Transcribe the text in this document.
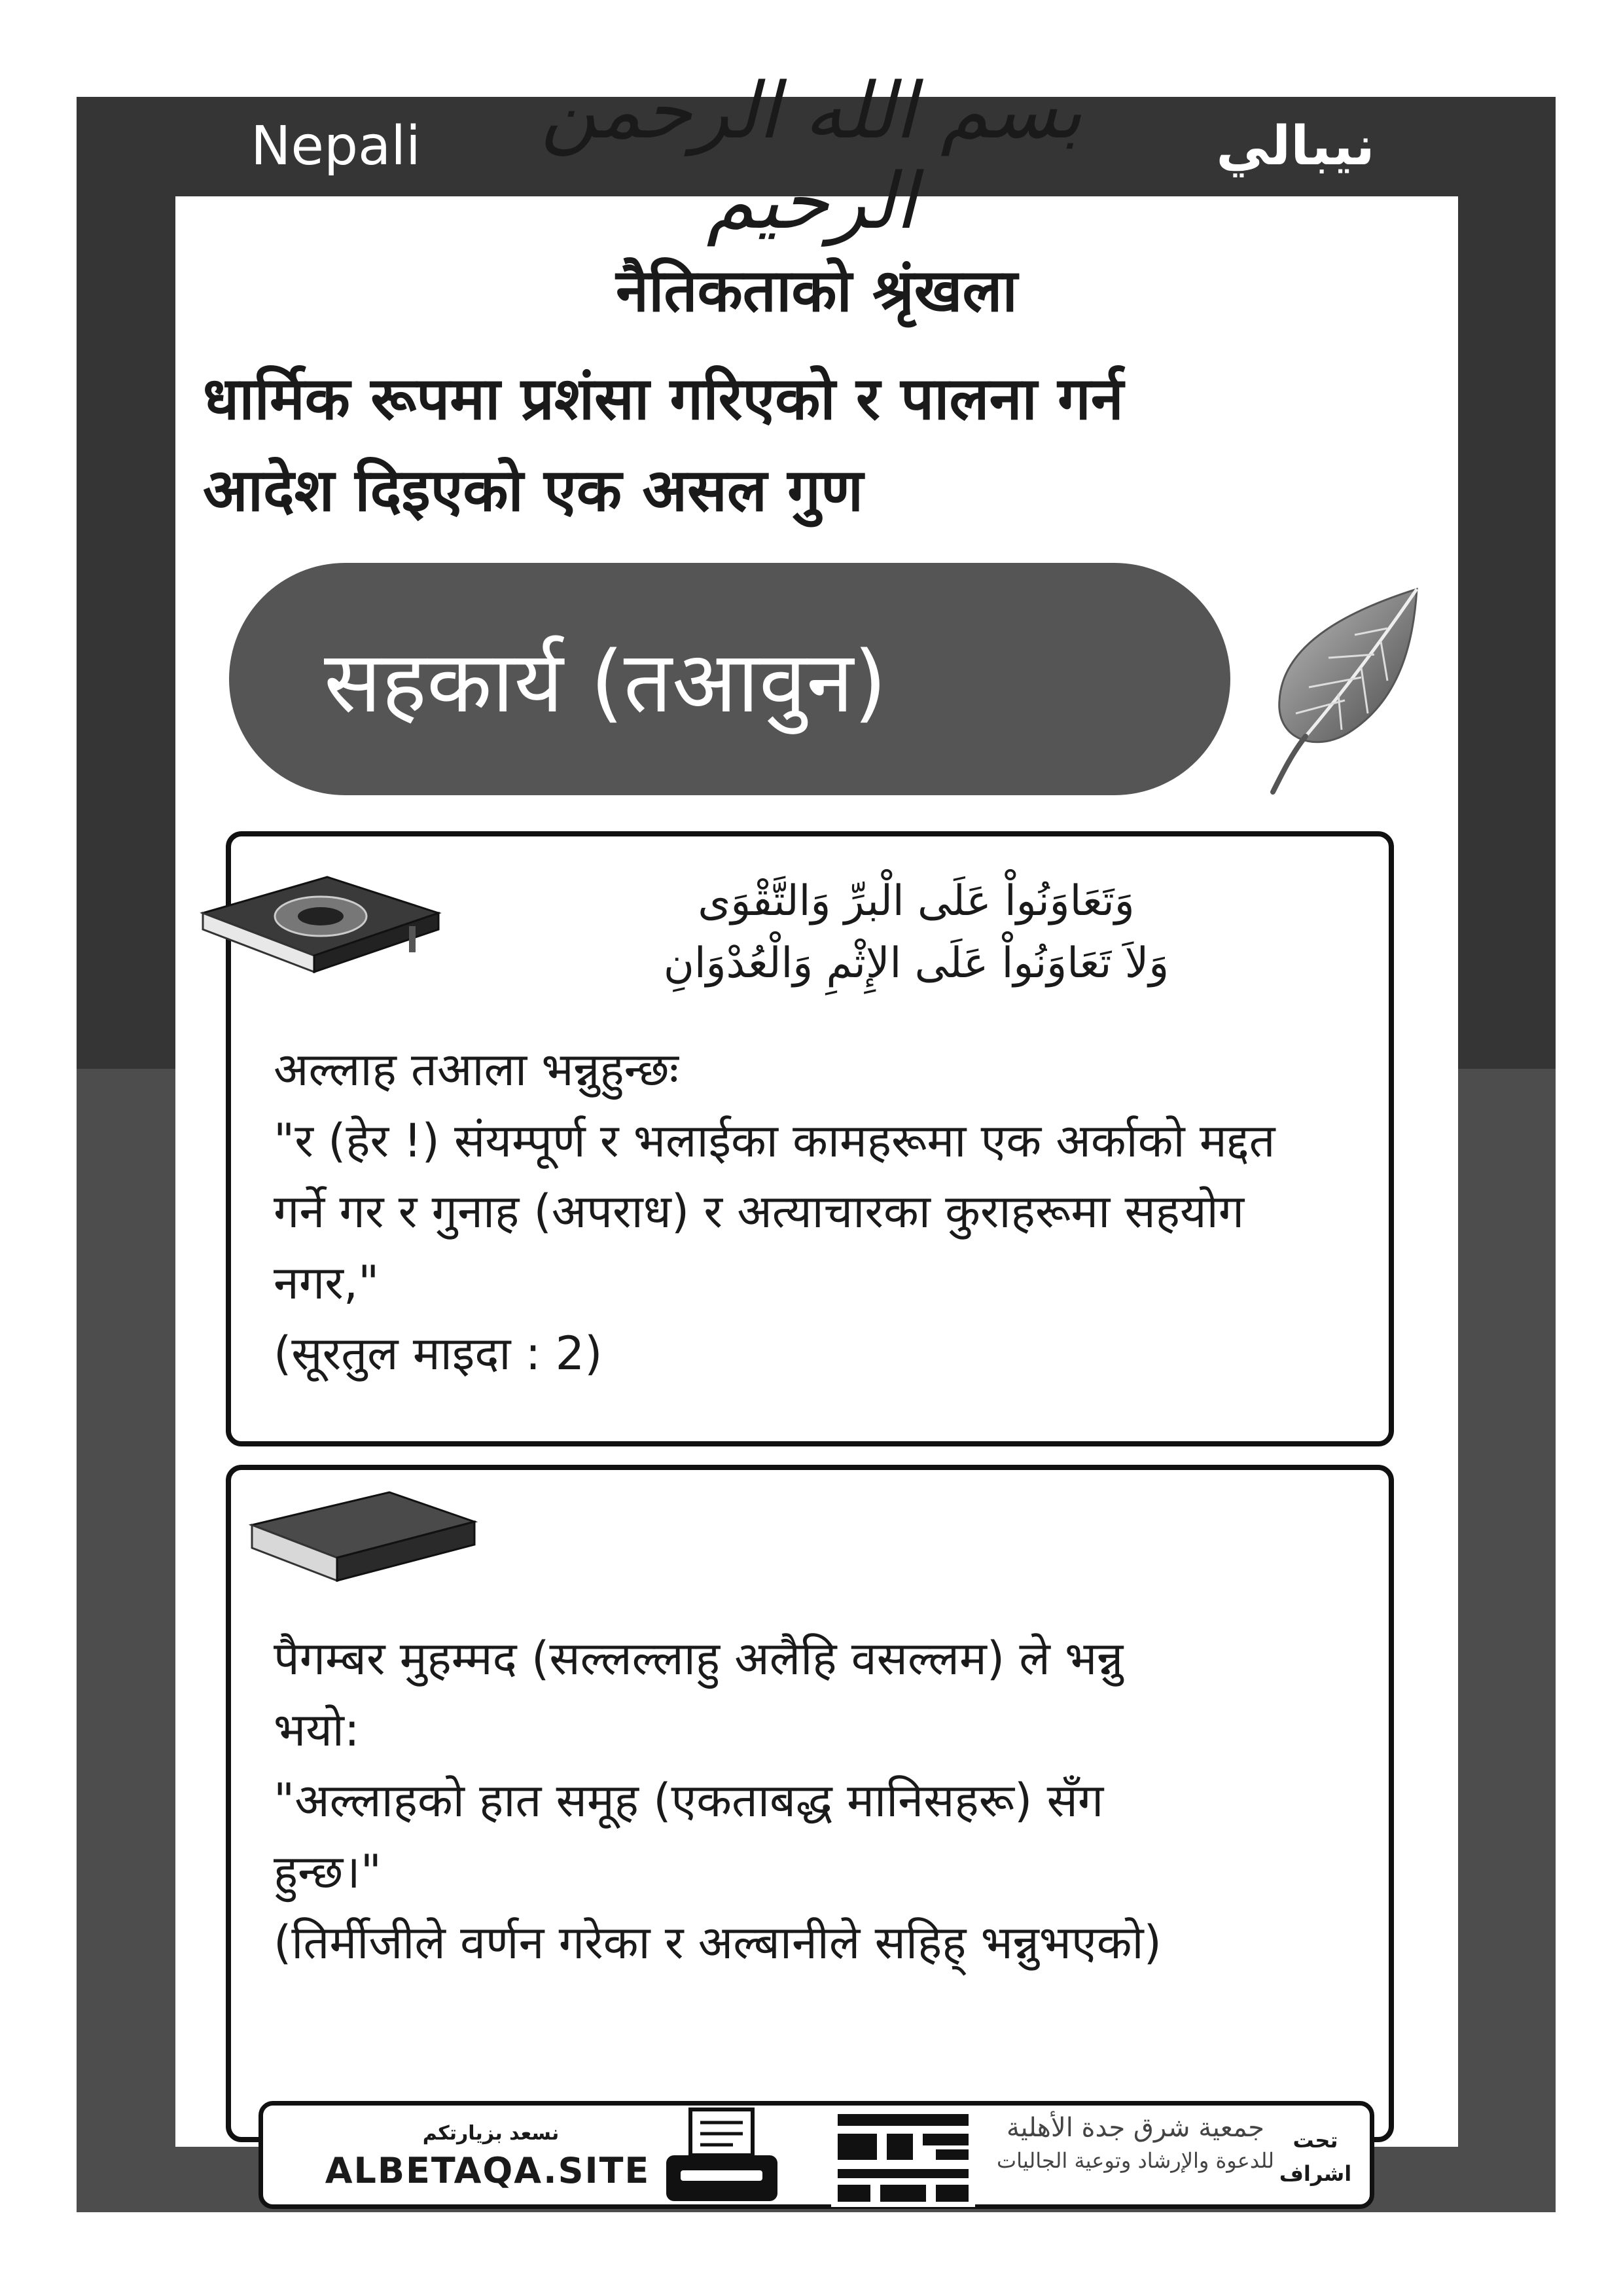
Nepali	نيبالي
بسم الله الرحمن الرحيم
नैतिकताको श्रृंखला
धार्मिक रूपमा प्रशंसा गरिएको र पालना गर्न
आदेश दिइएको एक असल गुण
सहकार्य (तआवुन)
وَتَعَاوَنُواْ عَلَى الْبرِّ وَالتَّقْوَى
وَلاَ تَعَاوَنُواْ عَلَى الإِثْمِ وَالْعُدْوَانِ
अल्लाह तआला भन्नुहुन्छः
"र (हेर !) संयम्पूर्ण र भलाईका कामहरूमा एक अर्काको मद्दत
गर्ने गर र गुनाह (अपराध) र अत्याचारका कुराहरूमा सहयोग
नगर,"
(सूरतुल माइदा : 2)
पैगम्बर मुहम्मद (सल्लल्लाहु अलैहि वसल्लम) ले भन्नु
भयो:
"अल्लाहको हात समूह (एकताबद्ध मानिसहरू) सँग
हुन्छ।"
(तिर्मीजीले वर्णन गरेका र अल्बानीले सहिह् भन्नुभएको)
نسعد بزيارتكم
ALBETAQA.SITE
جمعية شرق جدة الأهلية
للدعوة والإرشاد وتوعية الجاليات
تحت
اشراف
